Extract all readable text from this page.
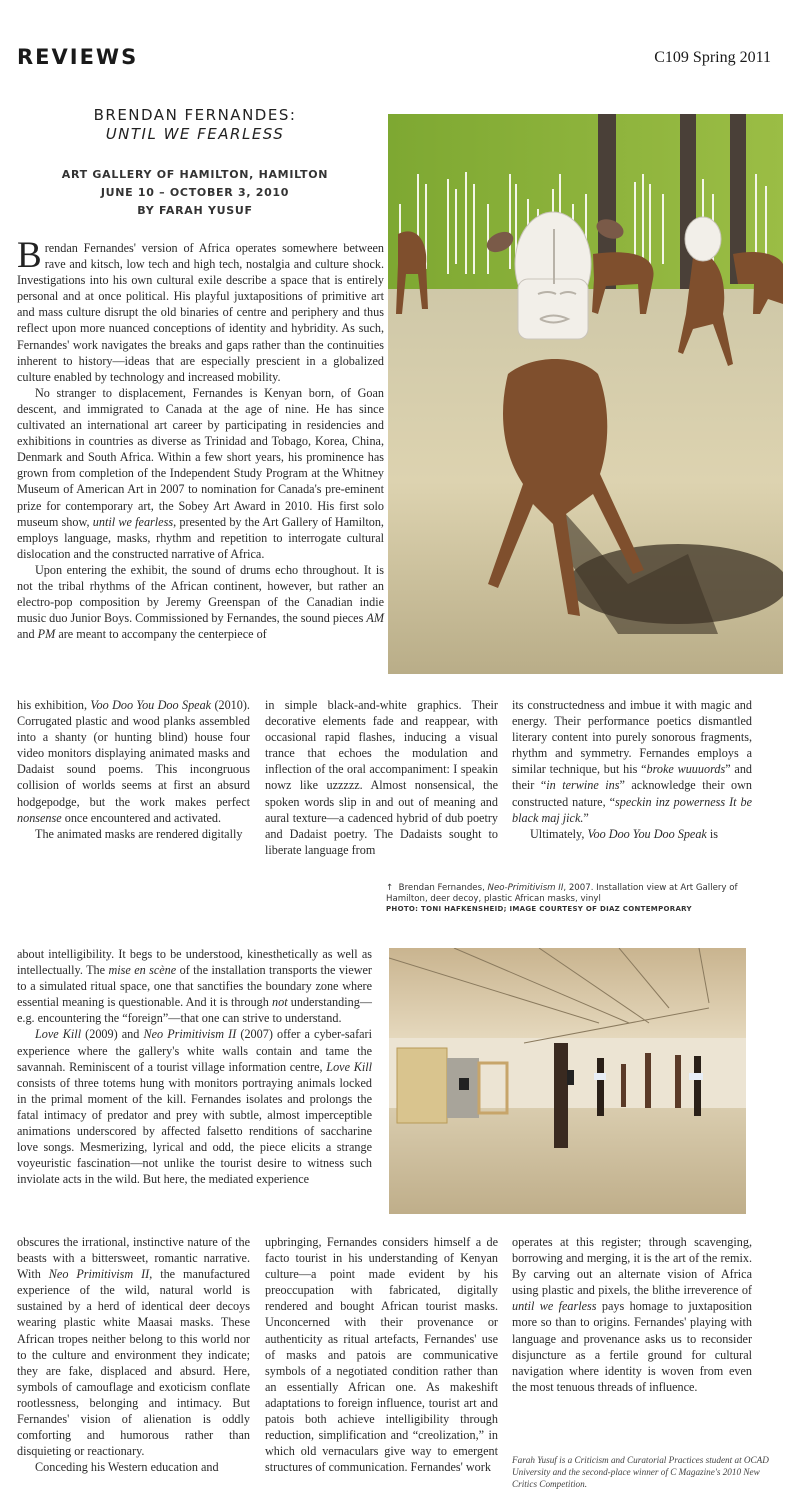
REVIEWS	C109 Spring 2011
BRENDAN FERNANDES:
UNTIL WE FEARLESS
ART GALLERY OF HAMILTON, HAMILTON
JUNE 10 – OCTOBER 3, 2010
BY FARAH YUSUF

Brendan Fernandes' version of Africa operates somewhere between rave and kitsch, low tech and high tech, nostalgia and culture shock. Investigations into his own cultural exile describe a space that is entirely personal and at once political. His playful juxtapositions of primitive art and mass culture disrupt the old binaries of centre and periphery and thus reflect upon more nuanced conceptions of identity and hybridity. As such, Fernandes' work navigates the breaks and gaps rather than the continuities inherent to history—ideas that are especially prescient in a globalized culture enabled by technology and increased mobility.

No stranger to displacement, Fernandes is Kenyan born, of Goan descent, and immigrated to Canada at the age of nine. He has since cultivated an international art career by participating in residencies and exhibitions in countries as diverse as Trinidad and Tobago, Korea, China, Denmark and South Africa. Within a few short years, his prominence has grown from completion of the Independent Study Program at the Whitney Museum of American Art in 2007 to nomination for Canada's pre-eminent prize for contemporary art, the Sobey Art Award in 2010. His first solo museum show, until we fearless, presented by the Art Gallery of Hamilton, employs language, masks, rhythm and repetition to interrogate cultural dislocation and the constructed narrative of Africa.

Upon entering the exhibit, the sound of drums echo throughout. It is not the tribal rhythms of the African continent, however, but rather an electro-pop composition by Jeremy Greenspan of the Canadian indie music duo Junior Boys. Commissioned by Fernandes, the sound pieces AM and PM are meant to accompany the centerpiece of

his exhibition, Voo Doo You Doo Speak (2010). Corrugated plastic and wood planks assembled into a shanty (or hunting blind) house four video monitors displaying animated masks and Dadaist sound poems. This incongruous collision of worlds seems at first an absurd hodgepodge, but the work makes perfect nonsense once encountered and activated.

The animated masks are rendered digitally

in simple black-and-white graphics. Their decorative elements fade and reappear, with occasional rapid flashes, inducing a visual trance that echoes the modulation and inflection of the oral accompaniment: I speakin nowz like uzzzzz. Almost nonsensical, the spoken words slip in and out of meaning and aural texture—a cadenced hybrid of dub poetry and Dadaist poetry. The Dadaists sought to liberate language from

its constructedness and imbue it with magic and energy. Their performance poetics dismantled literary content into purely sonorous fragments, rhythm and symmetry. Fernandes employs a similar technique, but his “broke wuuuords” and their “in terwine ins” acknowledge their own constructed nature, “speckin inz powerness It be black maj jick.”

Ultimately, Voo Doo You Doo Speak is

↑ Brendan Fernandes, Neo-Primitivism II, 2007. Installation view at Art Gallery of Hamilton, deer decoy, plastic African masks, vinyl
PHOTO: TONI HAFKENSHEID; IMAGE COURTESY OF DIAZ CONTEMPORARY

about intelligibility. It begs to be understood, kinesthetically as well as intellectually. The mise en scène of the installation transports the viewer to a simulated ritual space, one that sanctifies the boundary zone where essential meaning is questionable. And it is through not understanding—e.g. encountering the “foreign”—that one can strive to understand.

Love Kill (2009) and Neo Primitivism II (2007) offer a cyber-safari experience where the gallery's white walls contain and tame the savannah. Reminiscent of a tourist village information centre, Love Kill consists of three totems hung with monitors portraying animals locked in the primal moment of the kill. Fernandes isolates and prolongs the fatal intimacy of predator and prey with subtle, almost imperceptible animations underscored by affected falsetto renditions of saccharine love songs. Mesmerizing, lyrical and odd, the piece elicits a strange voyeuristic fascination—not unlike the tourist desire to witness such inviolate acts in the wild. But here, the mediated experience

obscures the irrational, instinctive nature of the beasts with a bittersweet, romantic narrative. With Neo Primitivism II, the manufactured experience of the wild, natural world is sustained by a herd of identical deer decoys wearing plastic white Maasai masks. These African tropes neither belong to this world nor to the culture and environment they indicate; they are fake, displaced and absurd. Here, symbols of camouflage and exoticism conflate rootlessness, belonging and intimacy. But Fernandes' vision of alienation is oddly comforting and humorous rather than disquieting or reactionary.

Conceding his Western education and

upbringing, Fernandes considers himself a de facto tourist in his understanding of Kenyan culture—a point made evident by his preoccupation with fabricated, digitally rendered and bought African tourist masks. Unconcerned with their provenance or authenticity as ritual artefacts, Fernandes' use of masks and patois are communicative symbols of a negotiated condition rather than an essentially African one. As makeshift adaptations to foreign influence, tourist art and patois both achieve intelligibility through reduction, simplification and “creolization,” in which old vernaculars give way to emergent structures of communication. Fernandes' work

operates at this register; through scavenging, borrowing and merging, it is the art of the remix. By carving out an alternate vision of Africa using plastic and pixels, the blithe irreverence of until we fearless pays homage to juxtaposition more so than to origins. Fernandes' playing with language and provenance asks us to reconsider disjuncture as a fertile ground for cultural navigation where identity is woven from even the most tenuous threads of influence.

Farah Yusuf is a Criticism and Curatorial Practices student at OCAD University and the second-place winner of C Magazine's 2010 New Critics Competition.
